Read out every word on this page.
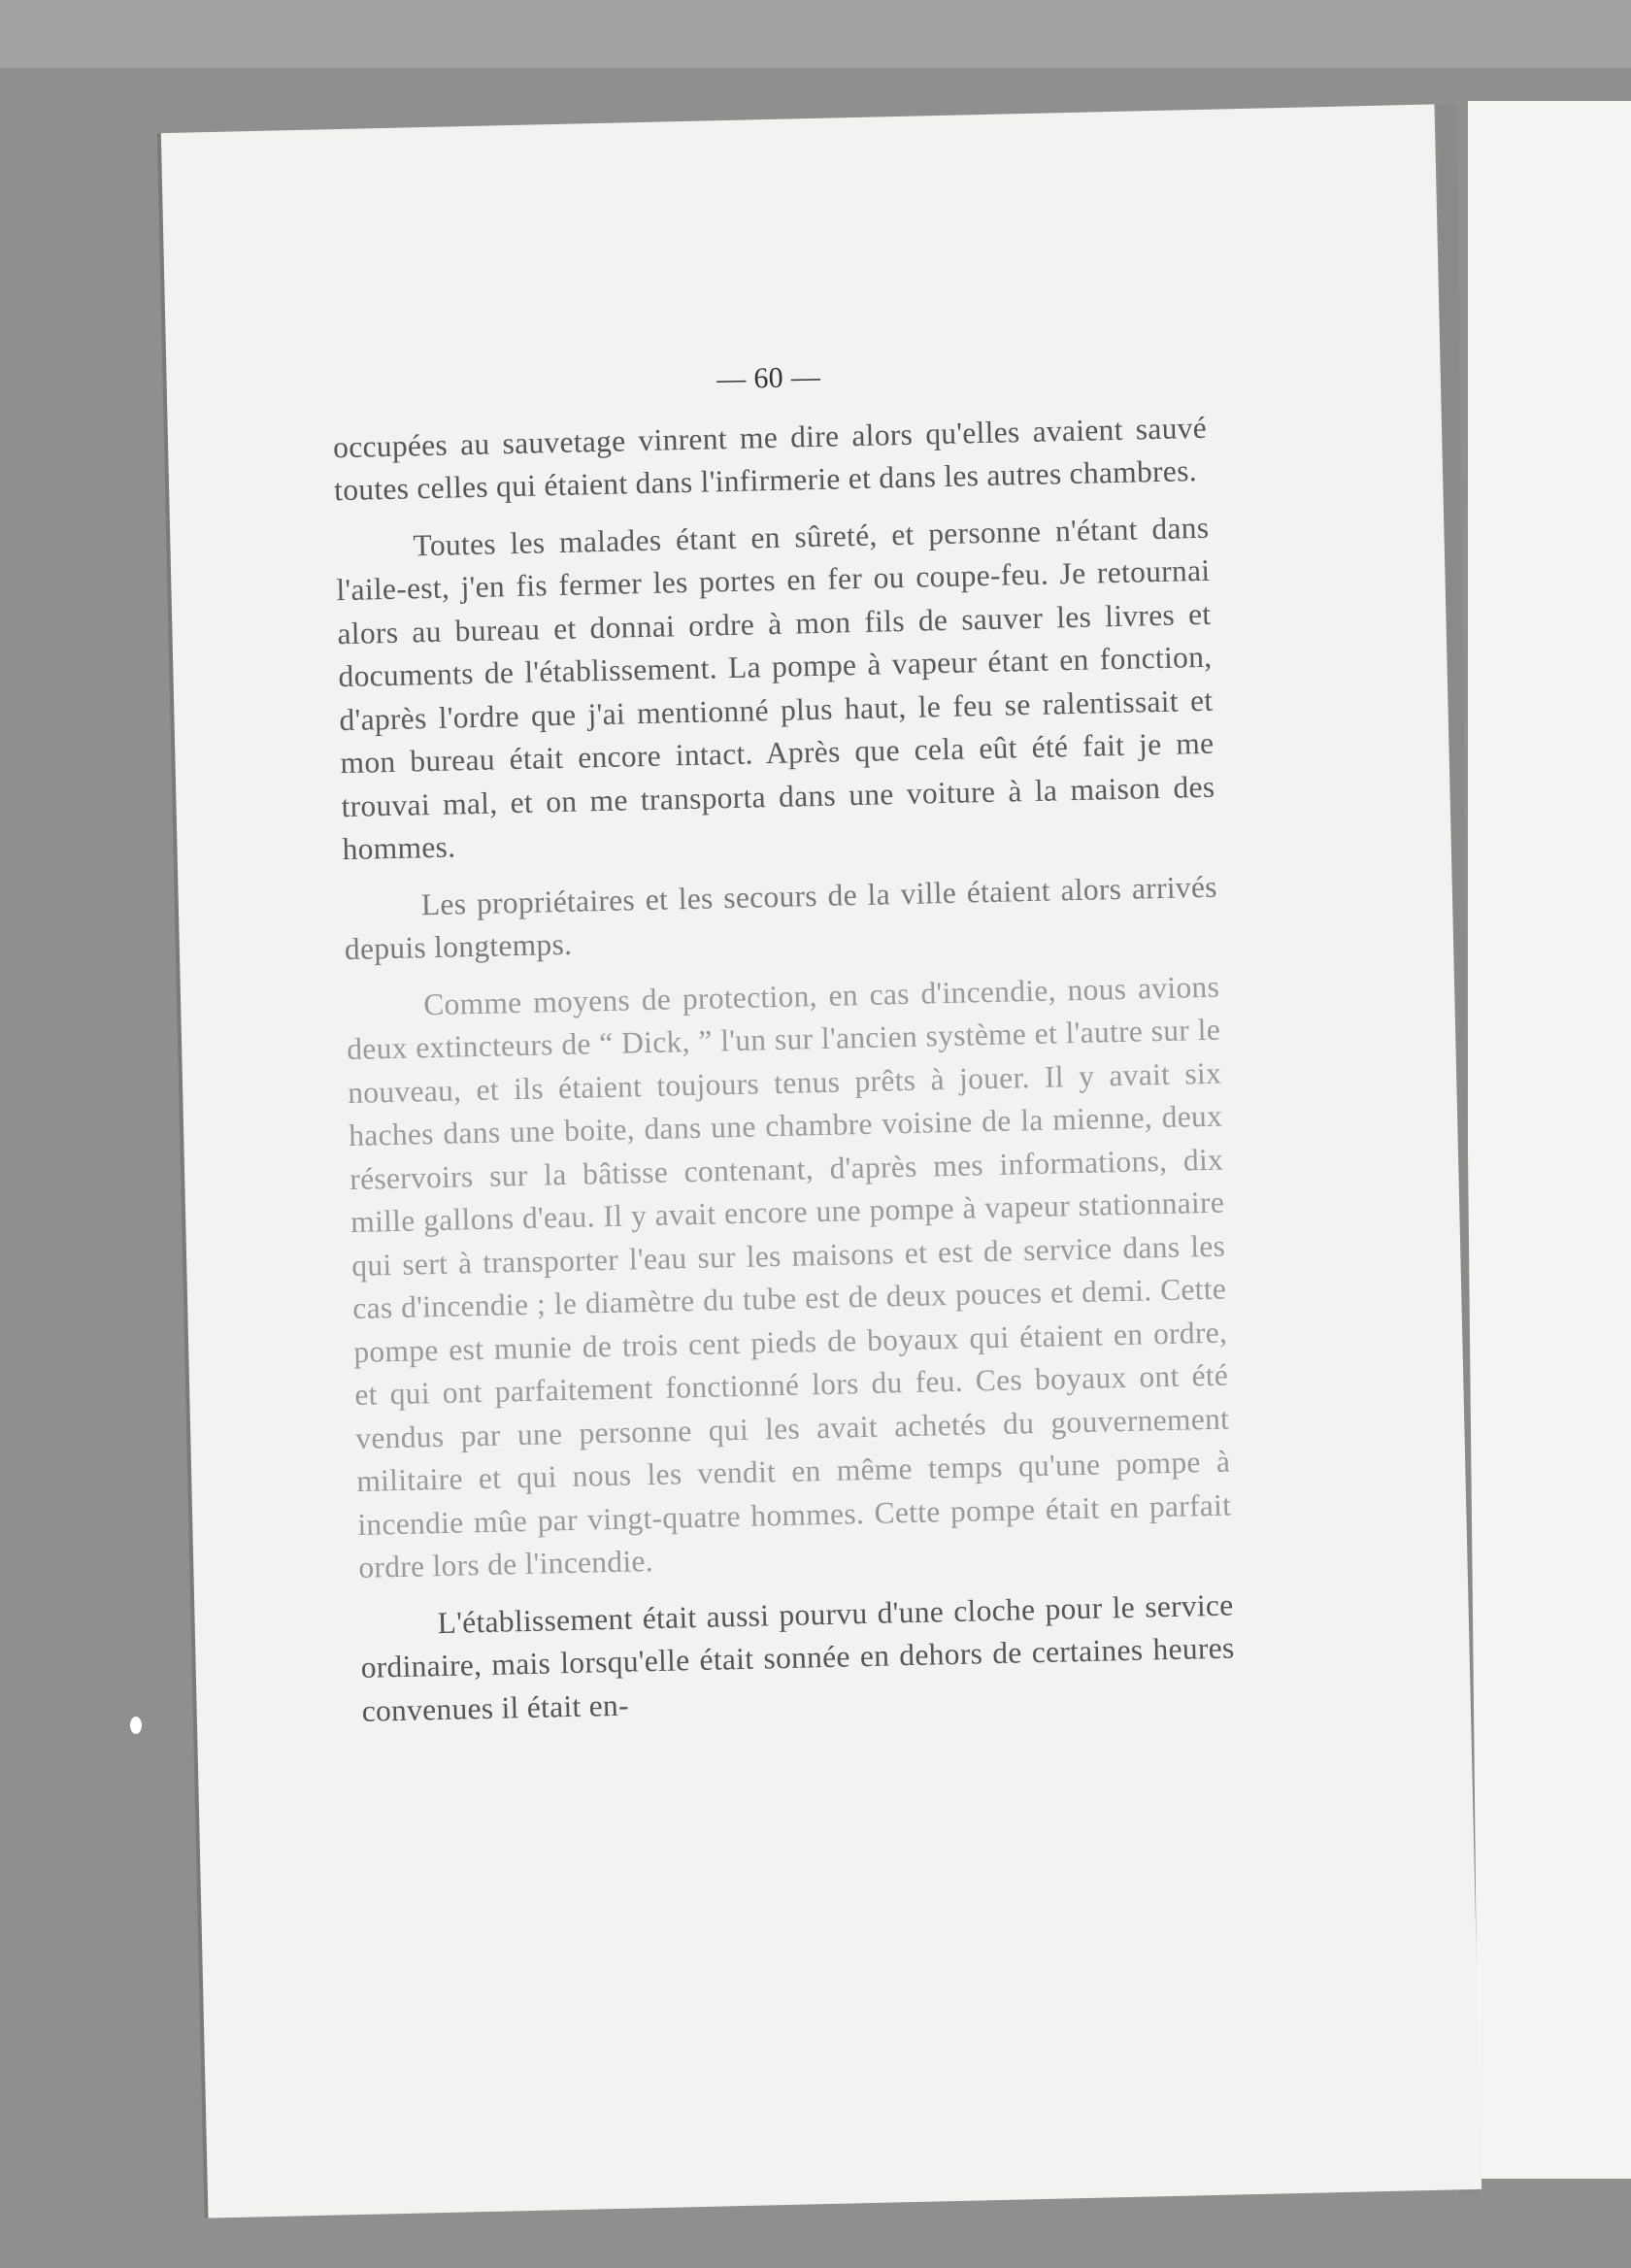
— 60 —

occupées au sauvetage vinrent me dire alors qu'elles avaient sauvé toutes celles qui étaient dans l'infirmerie et dans les autres chambres.

Toutes les malades étant en sûreté, et personne n'étant dans l'aile-est, j'en fis fermer les portes en fer ou coupe-feu. Je retournai alors au bureau et donnai ordre à mon fils de sauver les livres et documents de l'établissement. La pompe à vapeur étant en fonction, d'après l'ordre que j'ai mentionné plus haut, le feu se ralentissait et mon bureau était encore intact. Après que cela eût été fait je me trouvai mal, et on me transporta dans une voiture à la maison des hommes.

Les propriétaires et les secours de la ville étaient alors arrivés depuis longtemps.

Comme moyens de protection, en cas d'incendie, nous avions deux extincteurs de “ Dick, ” l'un sur l'ancien système et l'autre sur le nouveau, et ils étaient toujours tenus prêts à jouer. Il y avait six haches dans une boite, dans une chambre voisine de la mienne, deux réservoirs sur la bâtisse contenant, d'après mes informations, dix mille gallons d'eau. Il y avait encore une pompe à vapeur stationnaire qui sert à transporter l'eau sur les maisons et est de service dans les cas d'incendie ; le diamètre du tube est de deux pouces et demi. Cette pompe est munie de trois cent pieds de boyaux qui étaient en ordre, et qui ont parfaitement fonctionné lors du feu. Ces boyaux ont été vendus par une personne qui les avait achetés du gouvernement militaire et qui nous les vendit en même temps qu'une pompe à incendie mûe par vingt-quatre hommes. Cette pompe était en parfait ordre lors de l'incendie.

L'établissement était aussi pourvu d'une cloche pour le service ordinaire, mais lorsqu'elle était sonnée en dehors de certaines heures convenues il était en-
